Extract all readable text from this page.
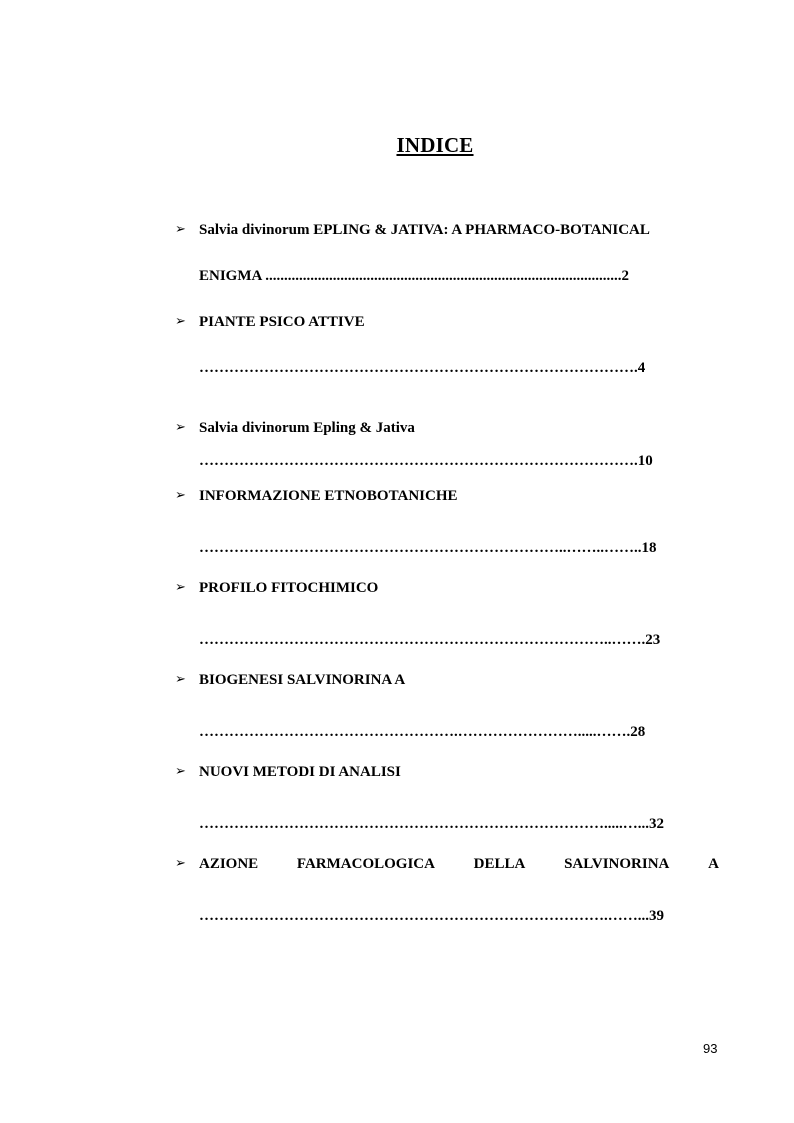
INDICE
➢ Salvia divinorum EPLING & JATIVA: A PHARMACO-BOTANICAL
ENIGMA ...............................................................................................2
➢ PIANTE PSICO ATTIVE
…………………………………………………………………………….4
➢ Salvia divinorum Epling & Jativa
…………………………………………………………………………….10
➢ INFORMAZIONE ETNOBOTANICHE
………………………………………………………………..……..……..18
➢ PROFILO FITOCHIMICO
………………………………………………………………………..…….23
➢ BIOGENESI SALVINORINA A
…………………………………………….…………………….....…….28
➢ NUOVI METODI DI ANALISI
……………………………………………………………………….....…...32
➢ AZIONE	FARMACOLOGICA	DELLA	SALVINORINA	A
……………………………………………………………………….……...39
93
